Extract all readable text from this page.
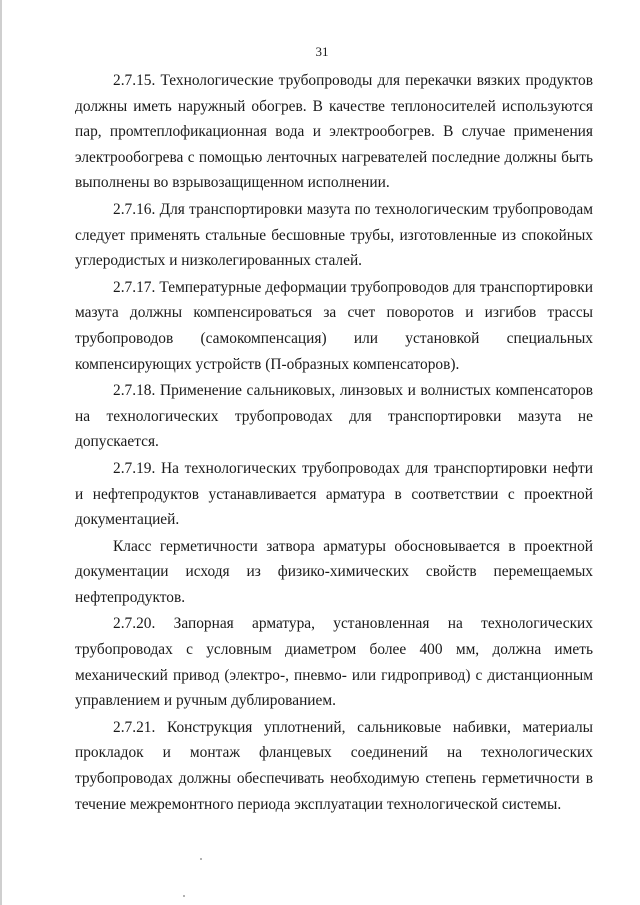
31

2.7.15. Технологические трубопроводы для перекачки вязких продуктов должны иметь наружный обогрев. В качестве теплоносителей используются пар, промтеплофикационная вода и электрообогрев. В случае применения электрообогрева с помощью ленточных нагревателей последние должны быть выполнены во взрывозащищенном исполнении.

2.7.16. Для транспортировки мазута по технологическим трубопроводам следует применять стальные бесшовные трубы, изготовленные из спокойных углеродистых и низколегированных сталей.

2.7.17. Температурные деформации трубопроводов для транспортировки мазута должны компенсироваться за счет поворотов и изгибов трассы трубопроводов (самокомпенсация) или установкой специальных компенсирующих устройств (П-образных компенсаторов).

2.7.18. Применение сальниковых, линзовых и волнистых компенсаторов на технологических трубопроводах для транспортировки мазута не допускается.

2.7.19. На технологических трубопроводах для транспортировки нефти и нефтепродуктов устанавливается арматура в соответствии с проектной документацией.

Класс герметичности затвора арматуры обосновывается в проектной документации исходя из физико-химических свойств перемещаемых нефтепродуктов.

2.7.20. Запорная арматура, установленная на технологических трубопроводах с условным диаметром более 400 мм, должна иметь механический привод (электро-, пневмо- или гидропривод) с дистанционным управлением и ручным дублированием.

2.7.21. Конструкция уплотнений, сальниковые набивки, материалы прокладок и монтаж фланцевых соединений на технологических трубопроводах должны обеспечивать необходимую степень герметичности в течение межремонтного периода эксплуатации технологической системы.
